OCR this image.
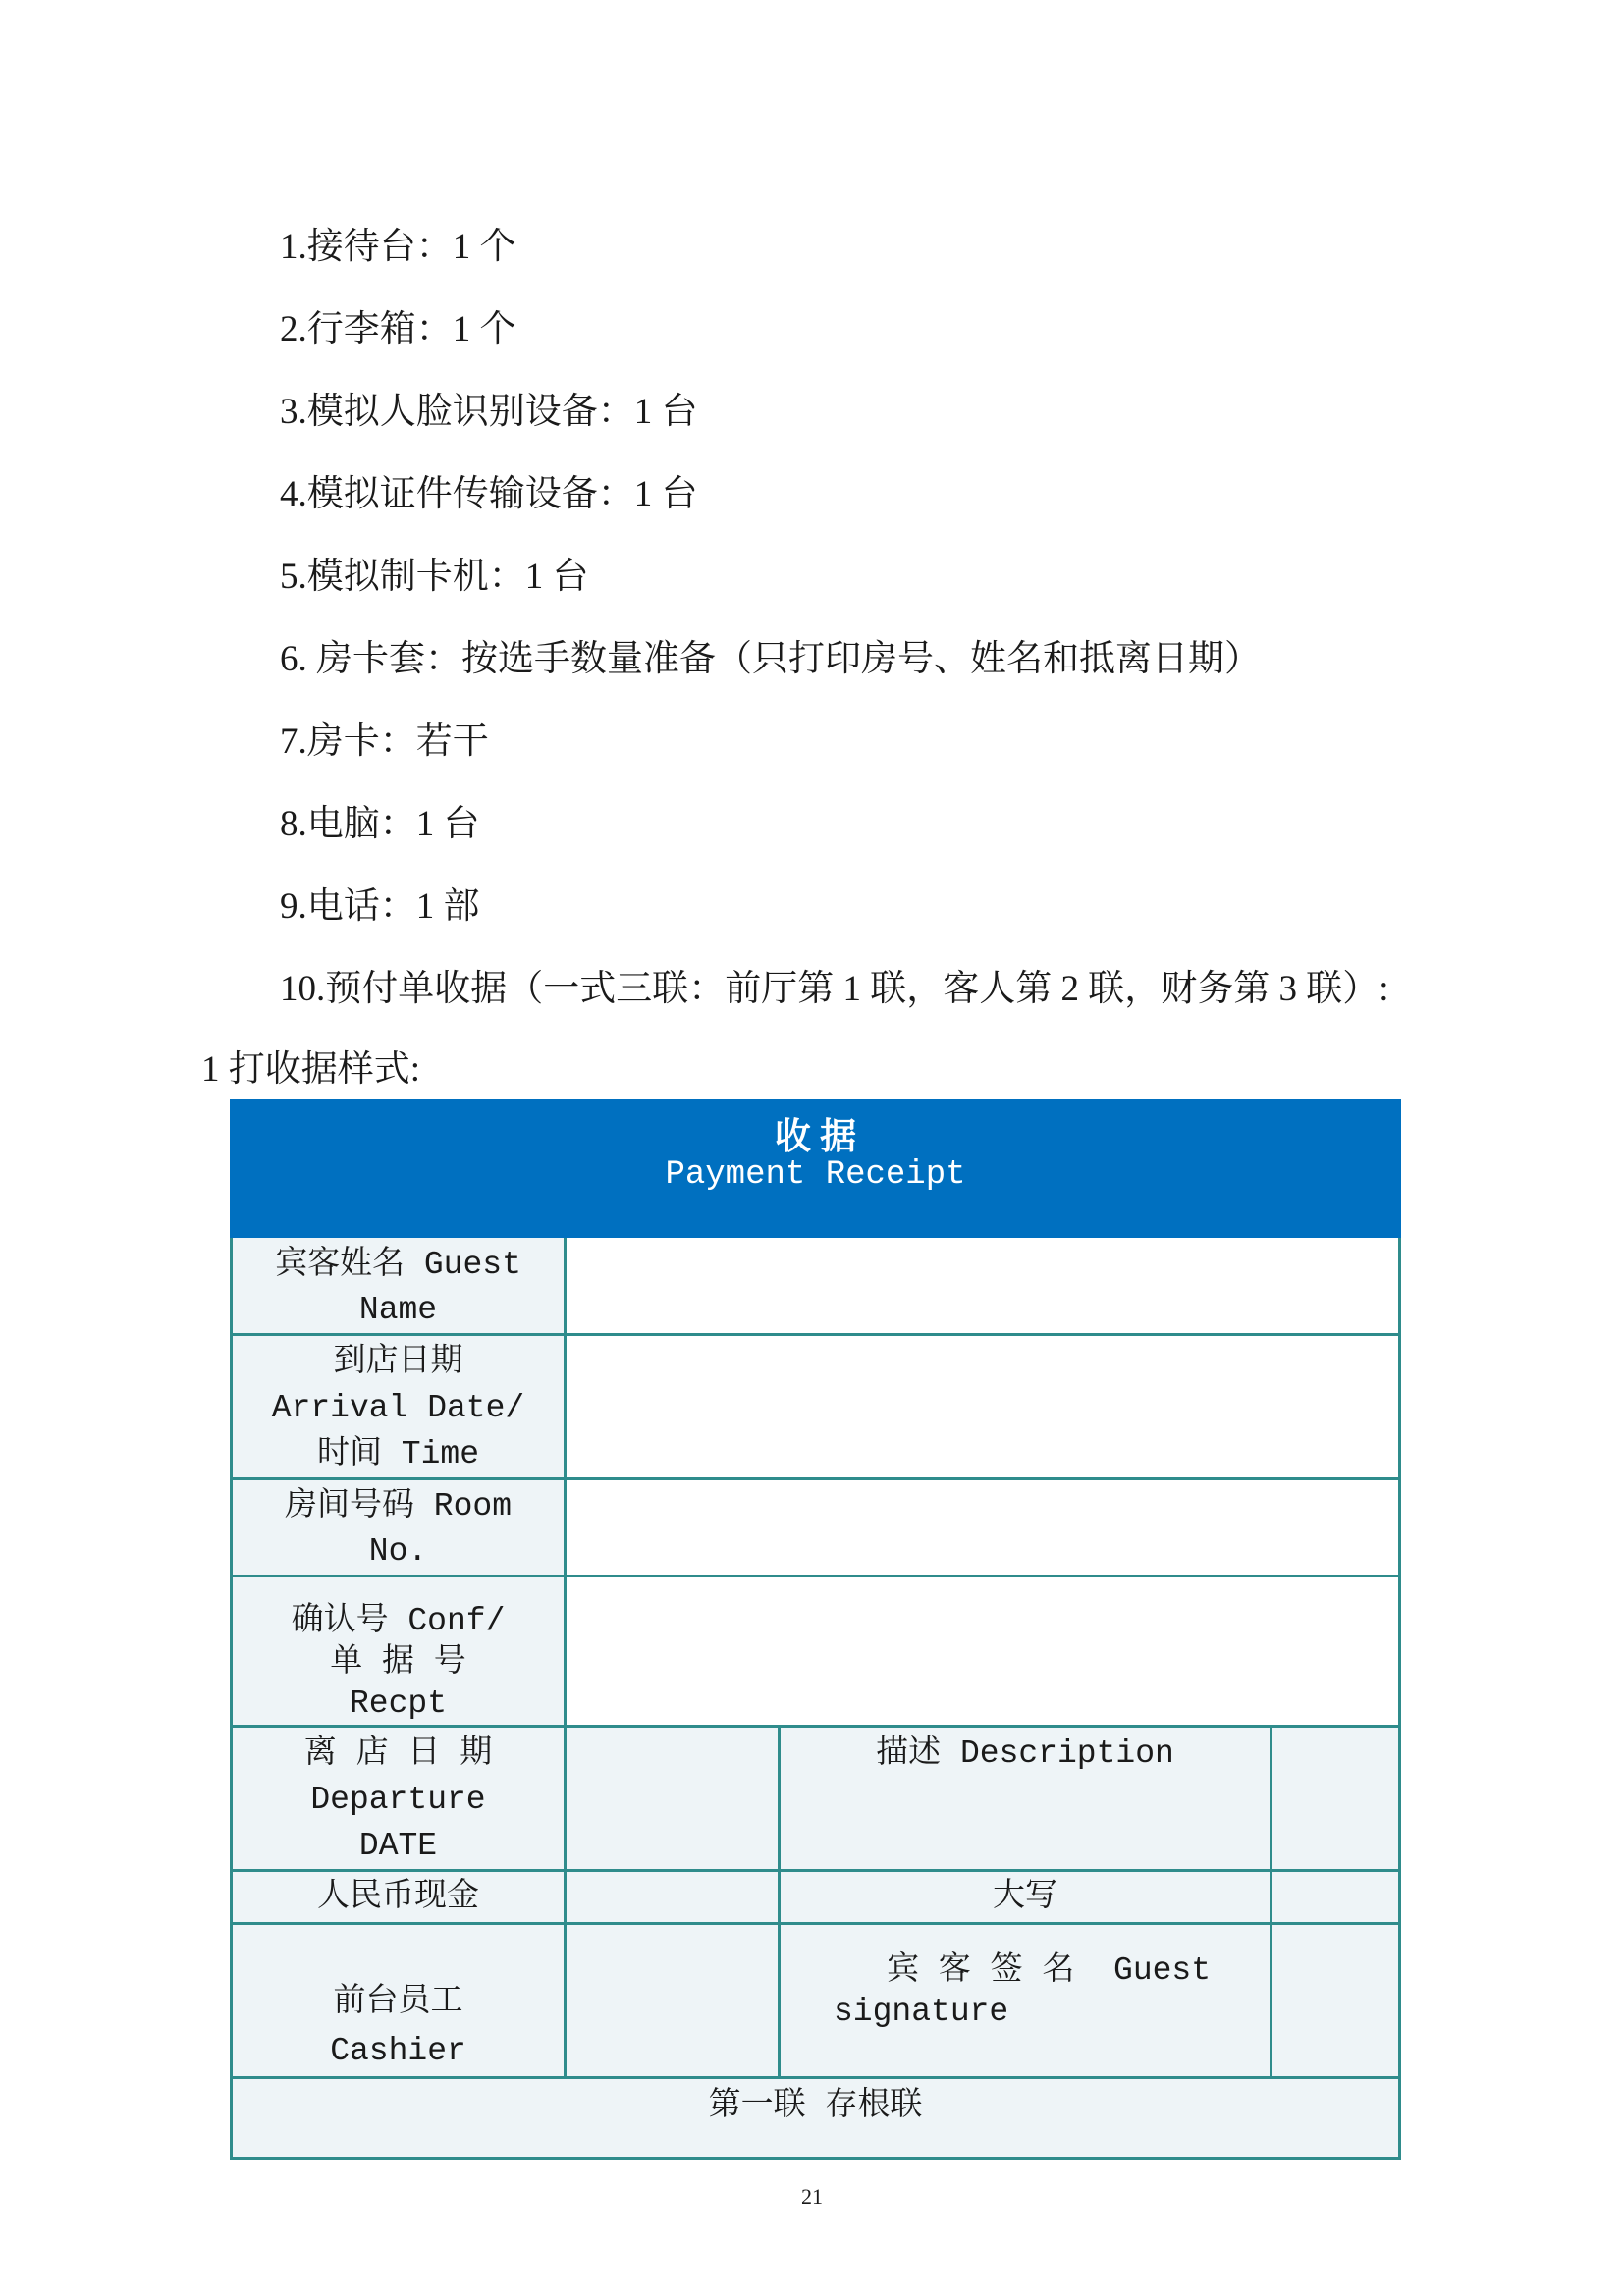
1.接待台：1 个
2.行李箱：1 个
3.模拟人脸识别设备：1 台
4.模拟证件传输设备：1 台
5.模拟制卡机：1 台
6. 房卡套：按选手数量准备（只打印房号、姓名和抵离日期）
7.房卡：若干
8.电脑：1 台
9.电话：1 部
10.预付单收据（一式三联：前厅第 1 联，客人第 2 联，财务第 3 联）:
1 打收据样式:
收 据
Payment Receipt			

宾客姓名 Guest
Name			

到店日期
Arrival Date/
时间 Time			

房间号码 Room
No.			

确认号 Conf/
单 据 号
Recpt			

离 店 日 期
Departure
DATE		描述 Description	

人民币现金		大写	

前台员工
Cashier		宾 客 签 名  Guest
signature	

第一联 存根联			
21
